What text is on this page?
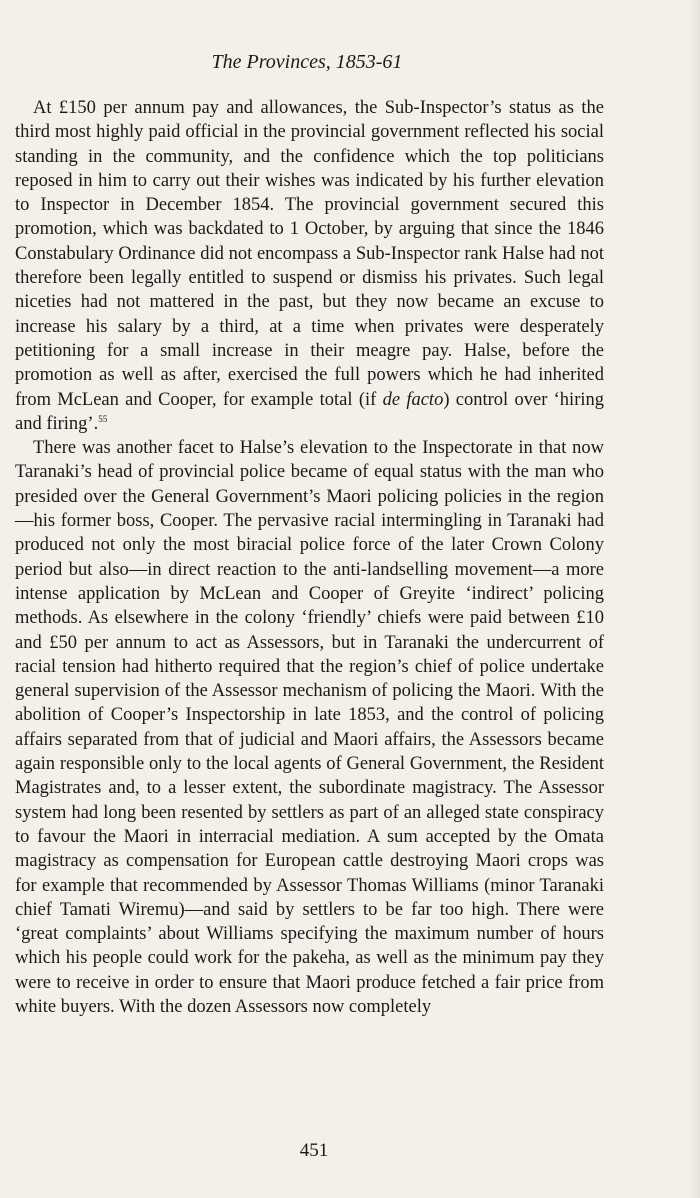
The Provinces, 1853-61

At £150 per annum pay and allowances, the Sub-Inspector’s status as the third most highly paid official in the provincial government reflected his social standing in the community, and the confidence which the top politicians reposed in him to carry out their wishes was indicated by his further elevation to Inspector in December 1854. The provincial government secured this promotion, which was backdated to 1 October, by arguing that since the 1846 Constabulary Ordinance did not encompass a Sub-Inspector rank Halse had not therefore been legally entitled to suspend or dismiss his privates. Such legal niceties had not mattered in the past, but they now became an excuse to increase his salary by a third, at a time when privates were desperately petitioning for a small increase in their meagre pay. Halse, before the promotion as well as after, exercised the full powers which he had inherited from McLean and Cooper, for example total (if de facto) control over ‘hiring and firing’.$^{55}$

There was another facet to Halse’s elevation to the Inspectorate in that now Taranaki’s head of provincial police became of equal status with the man who presided over the General Government’s Maori policing policies in the region—his former boss, Cooper. The pervasive racial intermingling in Taranaki had produced not only the most biracial police force of the later Crown Colony period but also—in direct reaction to the anti-landselling movement—a more intense application by McLean and Cooper of Greyite ‘indirect’ policing methods. As elsewhere in the colony ‘friendly’ chiefs were paid between £10 and £50 per annum to act as Assessors, but in Taranaki the undercurrent of racial tension had hitherto required that the region’s chief of police undertake general supervision of the Assessor mechanism of policing the Maori. With the abolition of Cooper’s Inspectorship in late 1853, and the control of policing affairs separated from that of judicial and Maori affairs, the Assessors became again responsible only to the local agents of General Government, the Resident Magistrates and, to a lesser extent, the subordinate magistracy. The Assessor system had long been resented by settlers as part of an alleged state conspiracy to favour the Maori in interracial mediation. A sum accepted by the Omata magistracy as compensation for European cattle destroying Maori crops was for example that recommended by Assessor Thomas Williams (minor Taranaki chief Tamati Wiremu)—and said by settlers to be far too high. There were ‘great complaints’ about Williams specifying the maximum number of hours which his people could work for the pakeha, as well as the minimum pay they were to receive in order to ensure that Maori produce fetched a fair price from white buyers. With the dozen Assessors now completely

451
